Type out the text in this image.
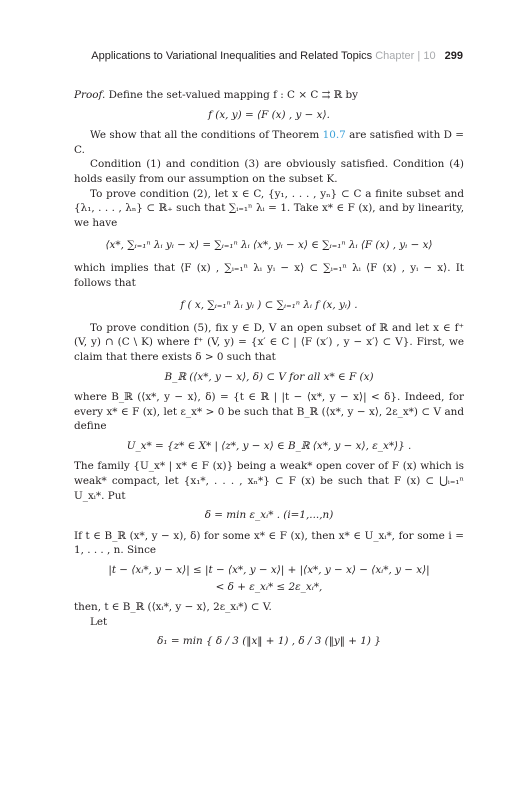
Applications to Variational Inequalities and Related Topics Chapter | 10 299

Proof. Define the set-valued mapping f : C × C ⇉ ℝ by

f (x, y) = ⟨F (x) , y − x⟩.

We show that all the conditions of Theorem 10.7 are satisfied with D = C.

Condition (1) and condition (3) are obviously satisfied. Condition (4) holds easily from our assumption on the subset K.

To prove condition (2), let x ∈ C, {y₁, . . . , yₙ} ⊂ C a finite subset and {λ₁, . . . , λₙ} ⊂ ℝ₊ such that ∑ᵢ₌₁ⁿ λᵢ = 1. Take x* ∈ F (x), and by linearity, we have

⟨x*, ∑ᵢ₌₁ⁿ λᵢ yᵢ − x⟩ = ∑ᵢ₌₁ⁿ λᵢ ⟨x*, yᵢ − x⟩ ∈ ∑ᵢ₌₁ⁿ λᵢ ⟨F (x) , yᵢ − x⟩

which implies that ⟨F (x) , ∑ᵢ₌₁ⁿ λᵢ yᵢ − x⟩ ⊂ ∑ᵢ₌₁ⁿ λᵢ ⟨F (x) , yᵢ − x⟩. It follows that

f ( x, ∑ᵢ₌₁ⁿ λᵢ yᵢ ) ⊂ ∑ᵢ₌₁ⁿ λᵢ f (x, yᵢ) .

To prove condition (5), fix y ∈ D, V an open subset of ℝ and let x ∈ f⁺ (V, y) ∩ (C \ K) where f⁺ (V, y) = {x′ ∈ C | ⟨F (x′) , y − x′⟩ ⊂ V}. First, we claim that there exists δ > 0 such that

B_ℝ (⟨x*, y − x⟩, δ) ⊂ V for all x* ∈ F (x)

where B_ℝ (⟨x*, y − x⟩, δ) = {t ∈ ℝ | |t − ⟨x*, y − x⟩| < δ}. Indeed, for every x* ∈ F (x), let ε_x* > 0 be such that B_ℝ (⟨x*, y − x⟩, 2ε_x*) ⊂ V and define

U_x* = {z* ∈ X* | ⟨z*, y − x⟩ ∈ B_ℝ ⟨x*, y − x⟩, ε_x*⟩} .

The family {U_x* | x* ∈ F (x)} being a weak* open cover of F (x) which is weak* compact, let {x₁*, . . . , xₙ*} ⊂ F (x) be such that F (x) ⊂ ⋃ᵢ₌₁ⁿ U_xᵢ*. Put

δ = min ε_xᵢ* . (i=1,...,n)

If t ∈ B_ℝ (x*, y − x), δ) for some x* ∈ F (x), then x* ∈ U_xᵢ*, for some i = 1, . . . , n. Since

|t − ⟨xᵢ*, y − x⟩| ≤ |t − ⟨x*, y − x⟩| + |⟨x*, y − x⟩ − ⟨xᵢ*, y − x⟩|
< δ + ε_xᵢ* ≤ 2ε_xᵢ*,

then, t ∈ B_ℝ (⟨xᵢ*, y − x⟩, 2ε_xᵢ*) ⊂ V.

Let

δ₁ = min { δ / 3 (‖x‖ + 1) , δ / 3 (‖y‖ + 1) }
